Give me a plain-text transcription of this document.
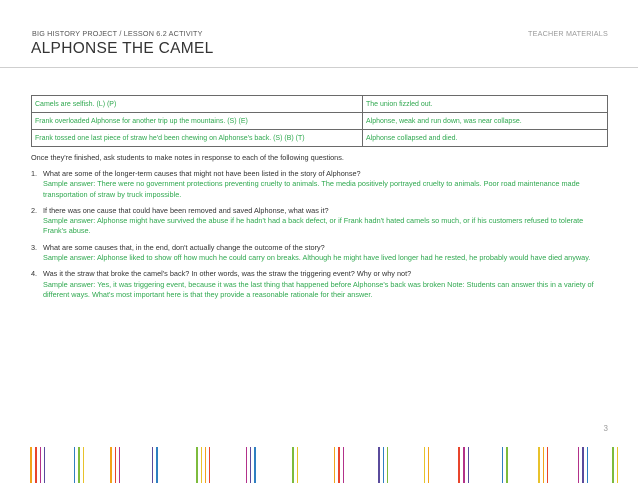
BIG HISTORY PROJECT / LESSON 6.2 ACTIVITY	TEACHER MATERIALS
ALPHONSE THE CAMEL
Camels are selfish. (L) (P)	The union fizzled out.
Frank overloaded Alphonse for another trip up the mountains. (S) (E)	Alphonse, weak and run down, was near collapse.
Frank tossed one last piece of straw he'd been chewing on Alphonse's back. (S) (B) (T)	Alphonse collapsed and died.
Once they're finished, ask students to make notes in response to each of the following questions.
1. What are some of the longer-term causes that might not have been listed in the story of Alphonse?
Sample answer: There were no government protections preventing cruelty to animals. The media positively portrayed cruelty to animals. Poor road maintenance made transportation of straw by truck impossible.
2. If there was one cause that could have been removed and saved Alphonse, what was it?
Sample answer: Alphonse might have survived the abuse if he hadn't had a back defect, or if Frank hadn't hated camels so much, or if his customers refused to tolerate Frank's abuse.
3. What are some causes that, in the end, don't actually change the outcome of the story?
Sample answer: Alphonse liked to show off how much he could carry on breaks. Although he might have lived longer had he rested, he probably would have died anyway.
4. Was it the straw that broke the camel's back? In other words, was the straw the triggering event? Why or why not?
Sample answer: Yes, it was triggering event, because it was the last thing that happened before Alphonse's back was broken Note: Students can answer this in a variety of different ways. What's most important here is that they provide a reasonable rationale for their answer.
3
